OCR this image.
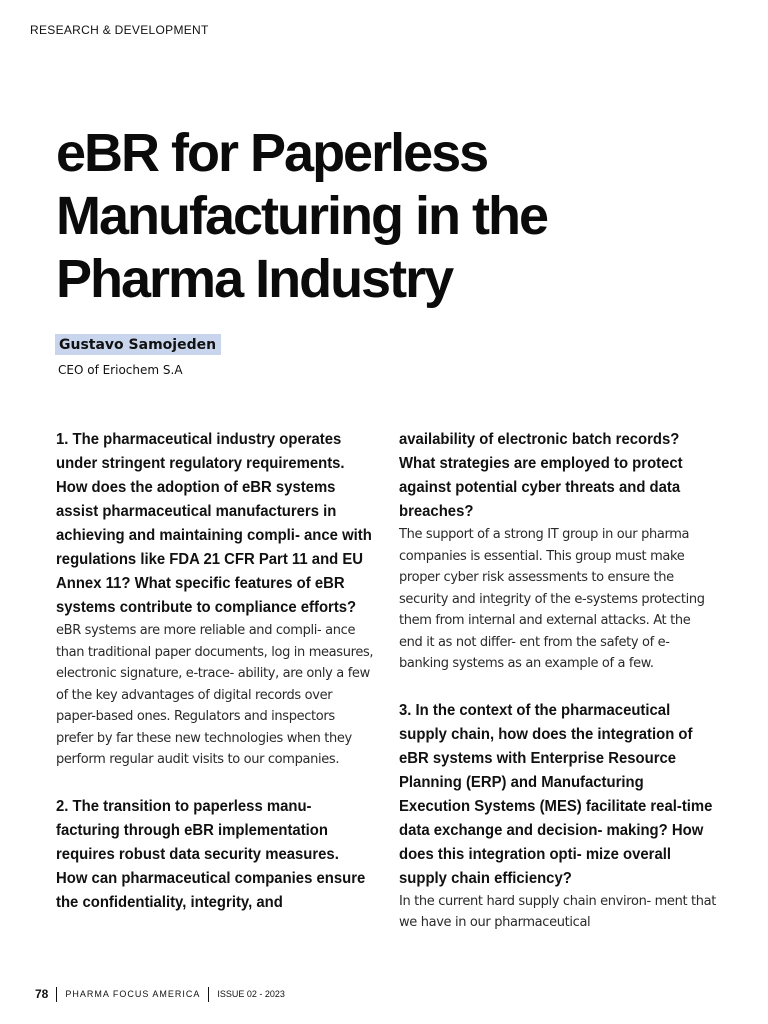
RESEARCH & DEVELOPMENT
eBR for Paperless
Manufacturing in the
Pharma Industry
Gustavo Samojeden
CEO of Eriochem S.A

1. The pharmaceutical industry operates under stringent regulatory requirements. How does the adoption of eBR systems assist pharmaceutical manufacturers in achieving and maintaining compli- ance with regulations like FDA 21 CFR Part 11 and EU Annex 11? What specific features of eBR systems contribute to compliance efforts?

eBR systems are more reliable and compli- ance than traditional paper documents, log in measures, electronic signature, e-trace- ability, are only a few of the key advantages of digital records over paper-based ones. Regulators and inspectors prefer by far these new technologies when they perform regular audit visits to our companies.

2. The transition to paperless manu- facturing through eBR implementation requires robust data security measures. How can pharmaceutical companies ensure the confidentiality, integrity, and

availability of electronic batch records? What strategies are employed to protect against potential cyber threats and data breaches?

The support of a strong IT group in our pharma companies is essential. This group must make proper cyber risk assessments to ensure the security and integrity of the e-systems protecting them from internal and external attacks. At the end it as not differ- ent from the safety of e-banking systems as an example of a few.

3. In the context of the pharmaceutical supply chain, how does the integration of eBR systems with Enterprise Resource Planning (ERP) and Manufacturing Execution Systems (MES) facilitate real-time data exchange and decision- making? How does this integration opti- mize overall supply chain efficiency?

In the current hard supply chain environ- ment that we have in our pharmaceutical

78 PHARMA FOCUS AMERICA ISSUE 02 - 2023
